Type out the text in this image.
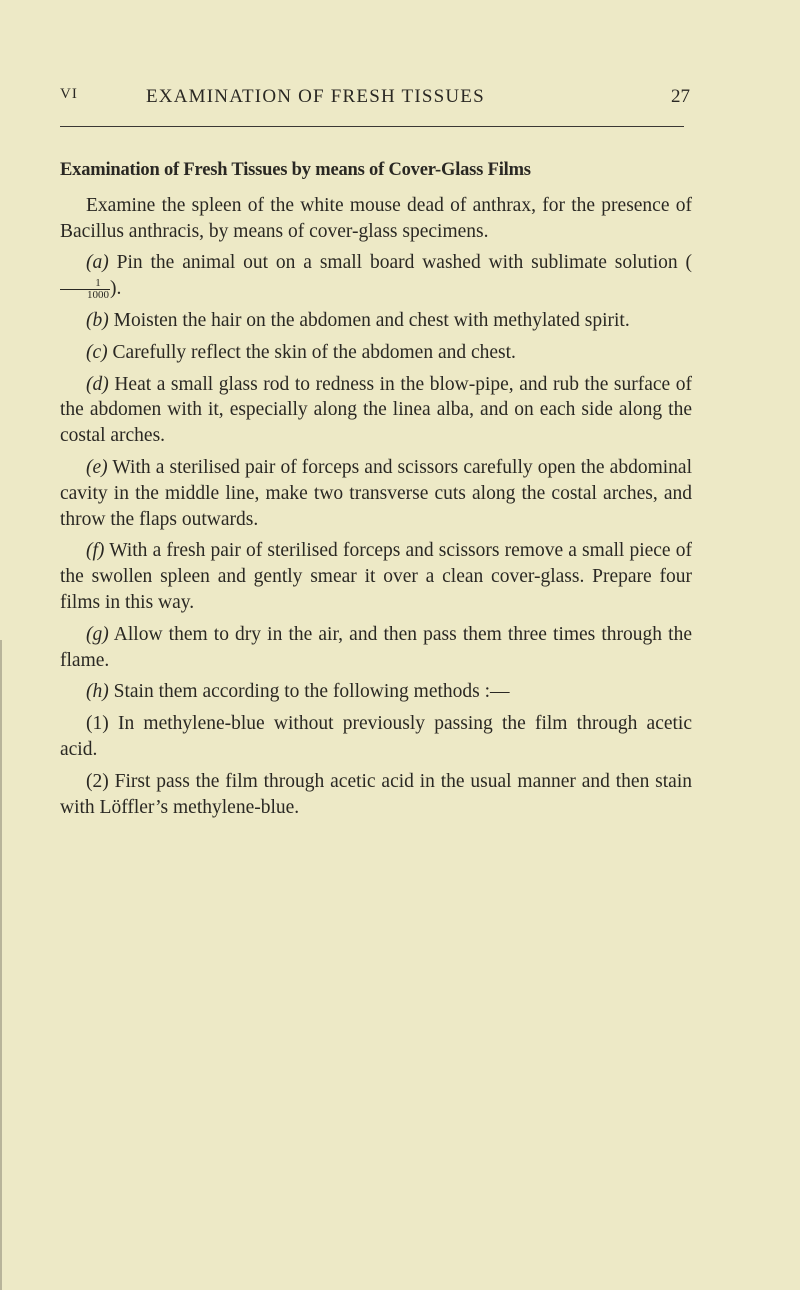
VI	EXAMINATION OF FRESH TISSUES	27

Examination of Fresh Tissues by means of Cover-Glass Films

Examine the spleen of the white mouse dead of anthrax, for the presence of Bacillus anthracis, by means of cover-glass specimens.

(a) Pin the animal out on a small board washed with sublimate solution (
$\frac{1}{1000}$ ).

(b) Moisten the hair on the abdomen and chest with methylated spirit.

(c) Carefully reflect the skin of the abdomen and chest.

(d) Heat a small glass rod to redness in the blow-pipe, and rub the surface of the abdomen with it, especially along the linea alba, and on each side along the costal arches.

(e) With a sterilised pair of forceps and scissors carefully open the abdominal cavity in the middle line, make two transverse cuts along the costal arches, and throw the flaps outwards.

(f) With a fresh pair of sterilised forceps and scissors remove a small piece of the swollen spleen and gently smear it over a clean cover-glass. Prepare four films in this way.

(g) Allow them to dry in the air, and then pass them three times through the flame.

(h) Stain them according to the following methods :—

(1) In methylene-blue without previously passing the film through acetic acid.

(2) First pass the film through acetic acid in the usual manner and then stain with Löffler’s methylene-blue.
